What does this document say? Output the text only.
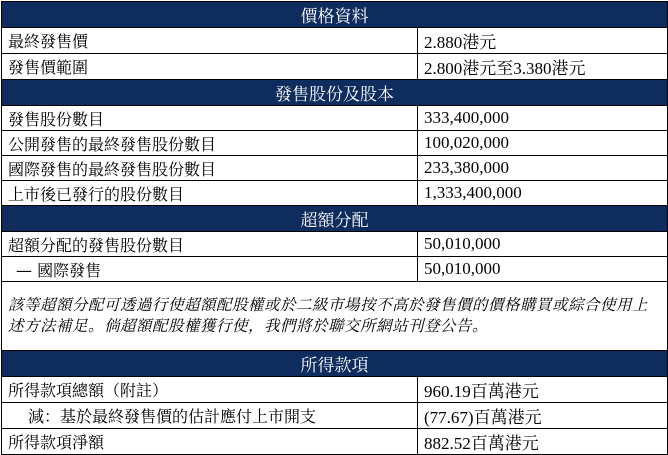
價格資料	
最終發售價	2.880港元
發售價範圍	2.800港元至3.380港元
發售股份及股本	
發售股份數目	333,400,000
公開發售的最終發售股份數目	100,020,000
國際發售的最終發售股份數目	233,380,000
上市後已發行的股份數目	1,333,400,000
超額分配	
超額分配的發售股份數目	50,010,000
— 國際發售	50,010,000
該等超額分配可透過行使超額配股權或於二級市場按不高於發售價的價格購買或綜合使用上述方法補足。倘超額配股權獲行使，我們將於聯交所網站刊登公告。	
所得款項	
所得款項總額（附註）	960.19百萬港元
減：基於最終發售價的估計應付上市開支	(77.67)百萬港元
所得款項淨額	882.52百萬港元
